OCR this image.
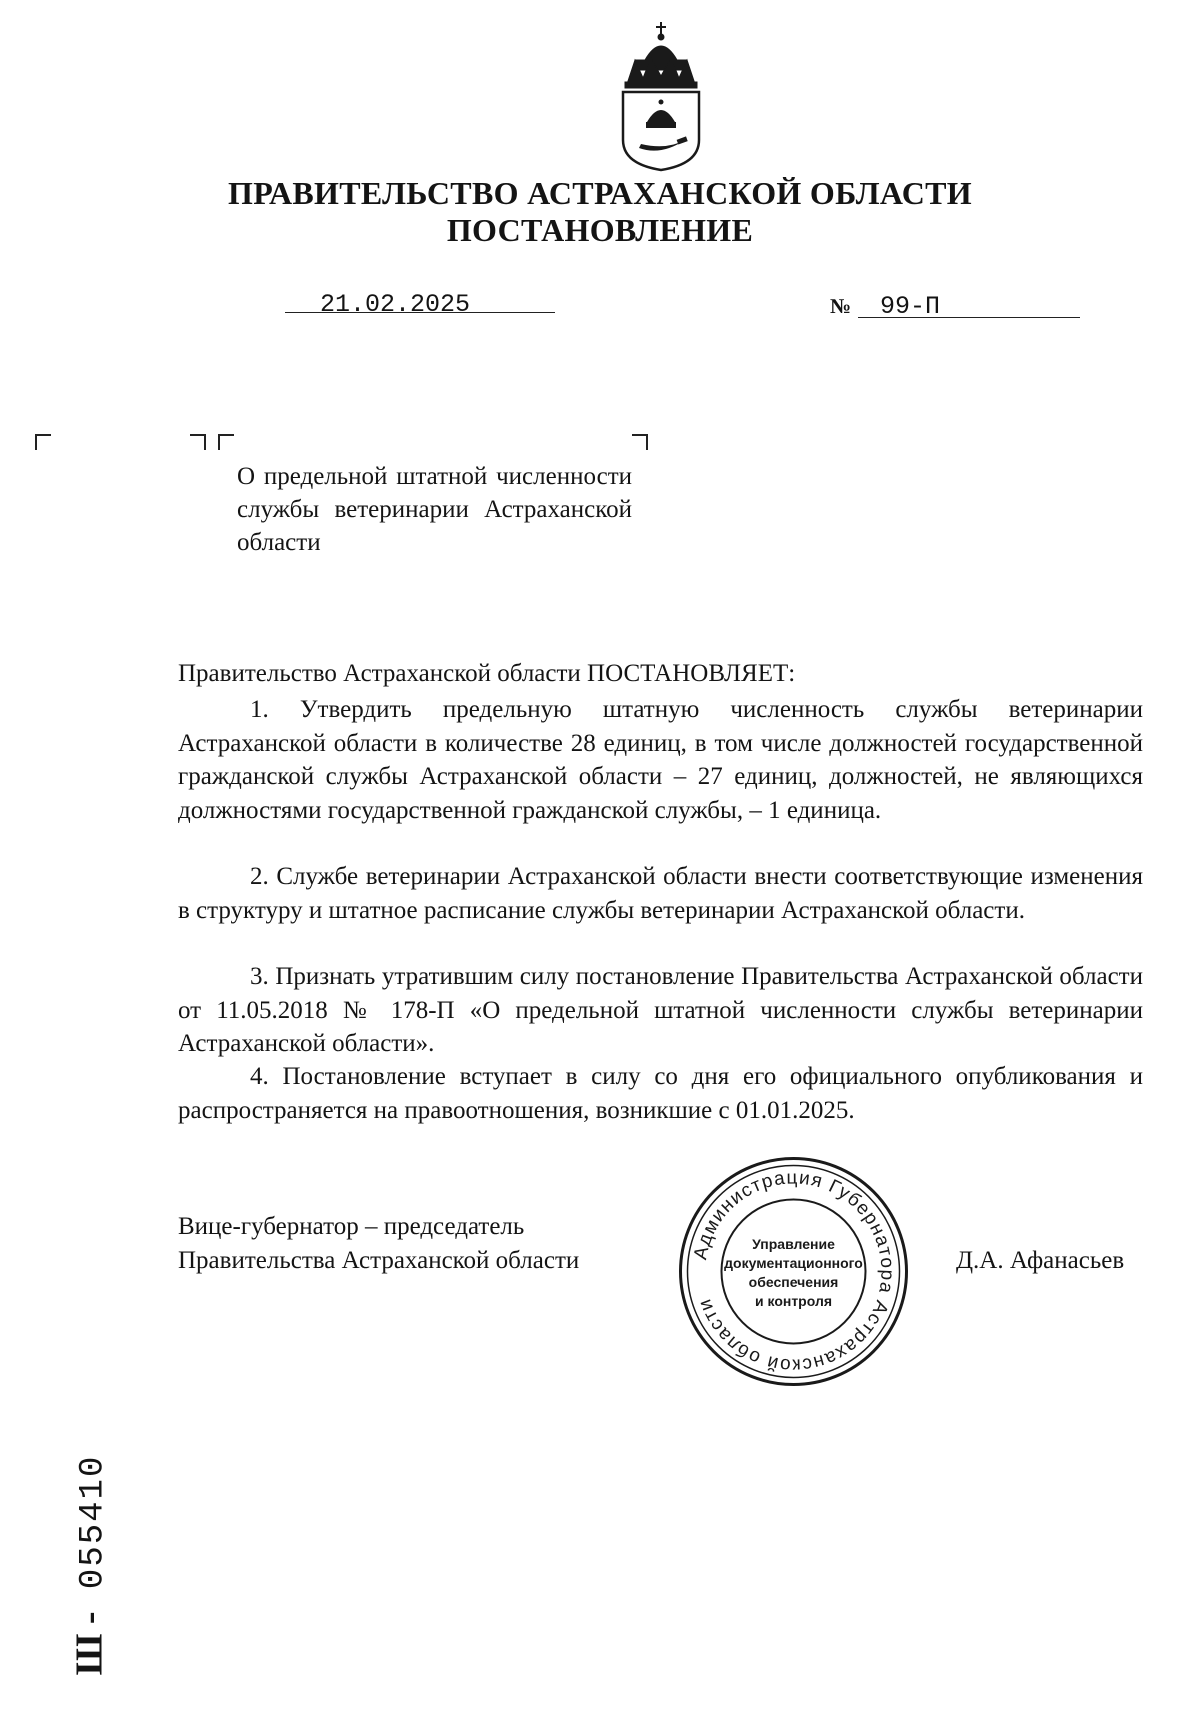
ПРАВИТЕЛЬСТВО АСТРАХАНСКОЙ ОБЛАСТИ
ПОСТАНОВЛЕНИЕ
21.02.2025	№ 99-П
О предельной штатной численности службы ветеринарии Астраханской области
Правительство Астраханской области ПОСТАНОВЛЯЕТ:

1. Утвердить предельную штатную численность службы ветеринарии Астраханской области в количестве 28 единиц, в том числе должностей государственной гражданской службы Астраханской области – 27 единиц, должностей, не являющихся должностями государственной гражданской службы, – 1 единица.

2. Службе ветеринарии Астраханской области внести соответствующие изменения в структуру и штатное расписание службы ветеринарии Астраханской области.

3. Признать утратившим силу постановление Правительства Астраханской области от 11.05.2018 № 178-П «О предельной штатной численности службы ветеринарии Астраханской области».

4. Постановление вступает в силу со дня его официального опубликования и распространяется на правоотношения, возникшие с 01.01.2025.

Вице-губернатор – председатель
Правительства Астраханской области	Д.А. Афанасьев
Администрация Губернатора Астраханской области
Управление
документационного
обеспечения
и контроля
Ш - 055410
